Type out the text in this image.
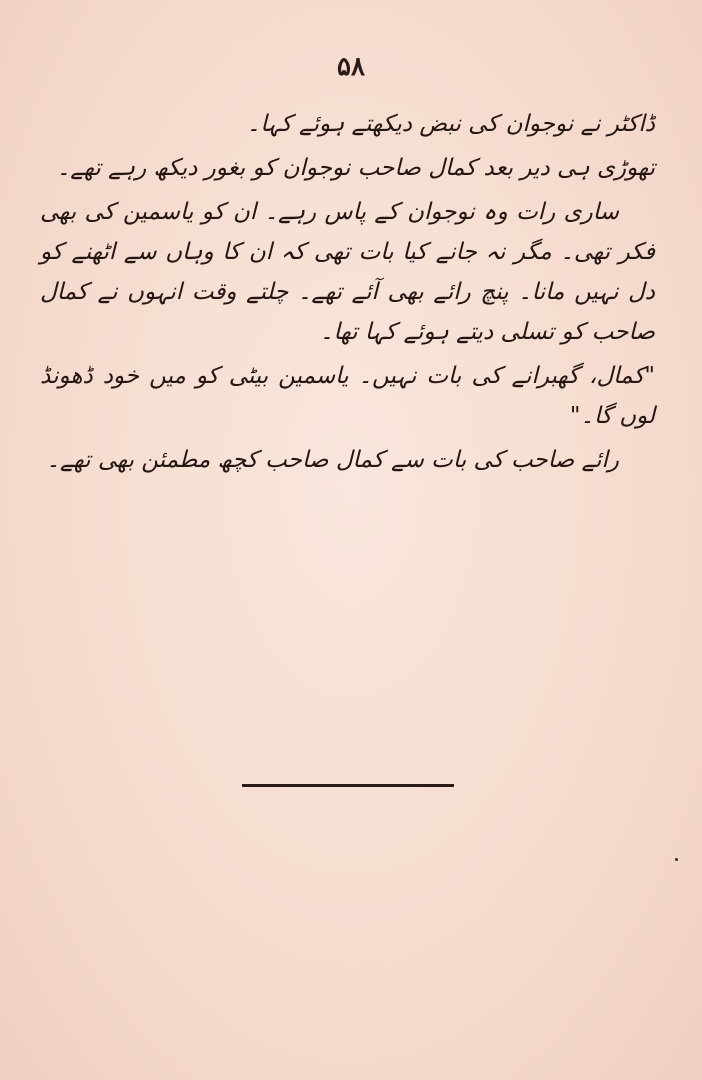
۵۸

ڈاکٹر نے نوجوان کی نبض دیکھتے ہوئے کہا۔

تھوڑی ہی دیر بعد کمال صاحب نوجوان کو بغور دیکھ رہے تھے۔

ساری رات وہ نوجوان کے پاس رہے۔ ان کو یاسمین کی بھی فکر تھی۔ مگر نہ جانے کیا بات تھی کہ ان کا وہاں سے اٹھنے کو دل نہیں مانا۔ پنچ رائے بھی آئے تھے۔ چلتے وقت انہوں نے کمال صاحب کو تسلی دیتے ہوئے کہا تھا۔

"کمال، گھبرانے کی بات نہیں۔ یاسمین بیٹی کو میں خود ڈھونڈ لوں گا۔"

رائے صاحب کی بات سے کمال صاحب کچھ مطمئن بھی تھے۔
